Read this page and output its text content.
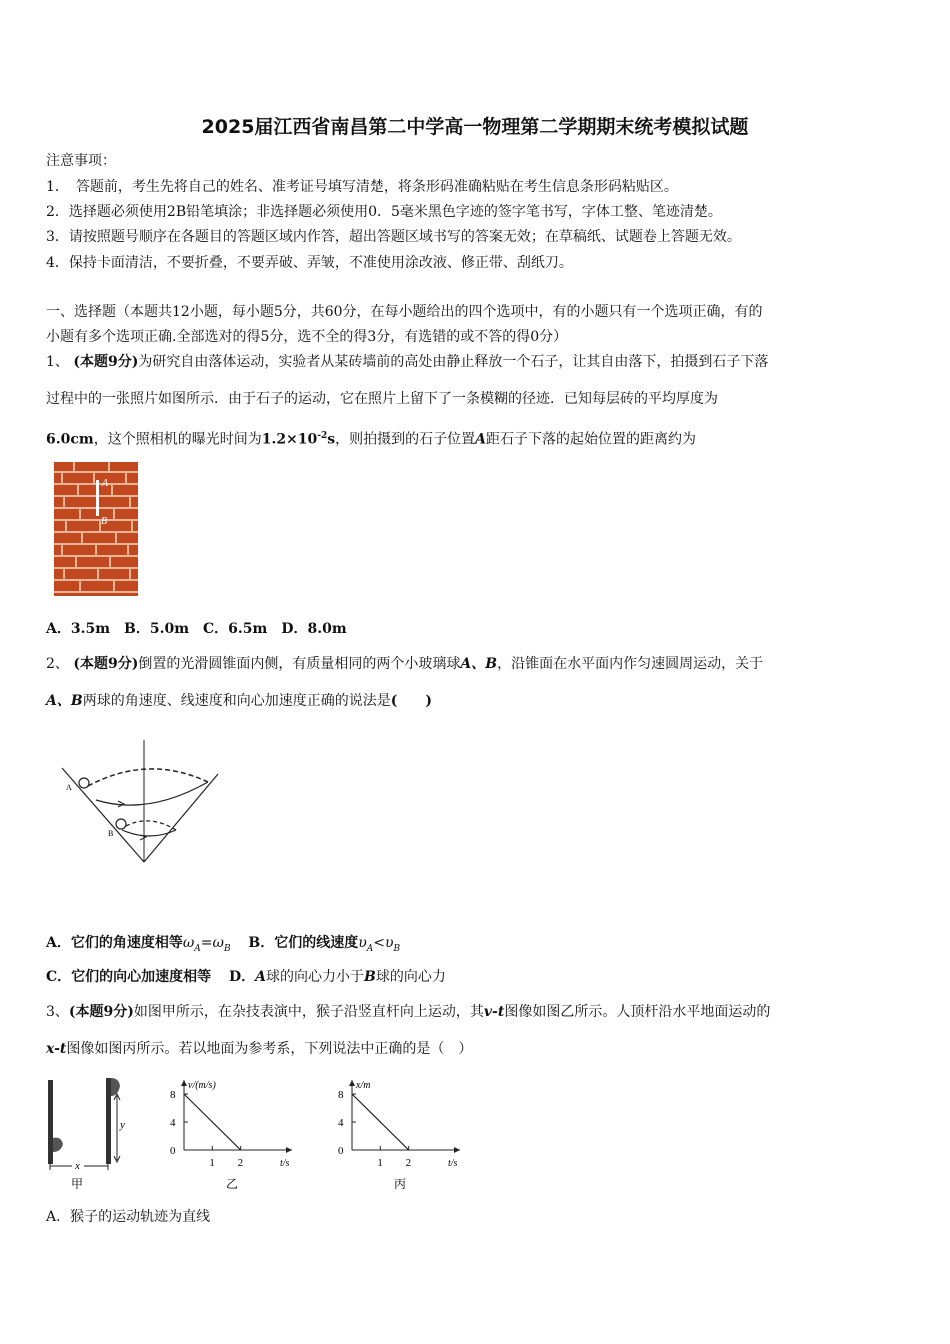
2025届江西省南昌第二中学高一物理第二学期期末统考模拟试题
注意事项：
1．　答题前，考生先将自己的姓名、准考证号填写清楚，将条形码准确粘贴在考生信息条形码粘贴区。
2．选择题必须使用2B铅笔填涂；非选择题必须使用0．5毫米黑色字迹的签字笔书写，字体工整、笔迹清楚。
3．请按照题号顺序在各题目的答题区域内作答，超出答题区域书写的答案无效；在草稿纸、试题卷上答题无效。
4．保持卡面清洁，不要折叠，不要弄破、弄皱，不准使用涂改液、修正带、刮纸刀。
一、选择题（本题共12小题，每小题5分，共60分，在每小题给出的四个选项中，有的小题只有一个选项正确，有的
小题有多个选项正确.全部选对的得5分，选不全的得3分，有选错的或不答的得0分）
1、 (本题9分)为研究自由落体运动，实验者从某砖墙前的高处由静止释放一个石子，让其自由落下，拍摄到石子下落
过程中的一张照片如图所示．由于石子的运动，它在照片上留下了一条模糊的径迹．已知每层砖的平均厚度为
6.0cm，这个照相机的曝光时间为$1.2\times 10^{-2}s$，则拍摄到的石子位置A距石子下落的起始位置的距离约为
A
B
A．3.5m　B．5.0m　C．6.5m　D．8.0m
2、 (本题9分)倒置的光滑圆锥面内侧，有质量相同的两个小玻璃球A、B，沿锥面在水平面内作匀速圆周运动，关于
A、B两球的角速度、线速度和向心加速度正确的说法是(　　)
A
B
A．它们的角速度相等$\omega_A=\omega_B$ B．它们的线速度$\upsilon_A<\upsilon_B$
C．它们的向心加速度相等 D．A球的向心力小于B球的向心力
3、(本题9分)如图甲所示，在杂技表演中，猴子沿竖直杆向上运动，其v-t图像如图乙所示。人顶杆沿水平地面运动的
x-t图像如图丙所示。若以地面为参考系，下列说法中正确的是（　）
y
x
甲
v/(m/s)
t/s
0
4
8
1 2
乙
x/m
t/s
0
4
8
1 2
丙
A．猴子的运动轨迹为直线
